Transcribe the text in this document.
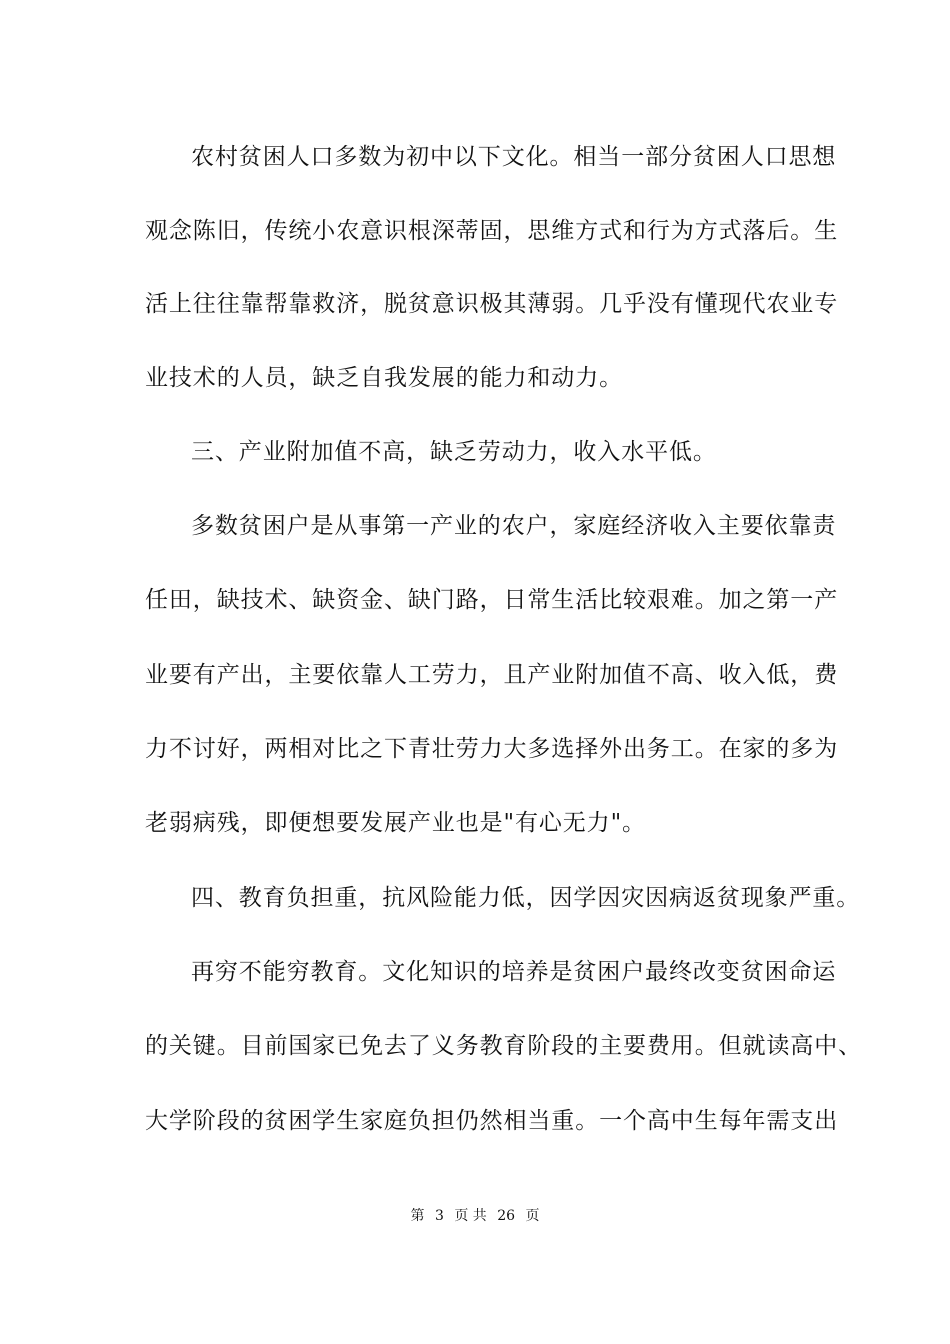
农村贫困人口多数为初中以下文化。相当一部分贫困人口思想
观念陈旧，传统小农意识根深蒂固，思维方式和行为方式落后。生
活上往往靠帮靠救济，脱贫意识极其薄弱。几乎没有懂现代农业专
业技术的人员，缺乏自我发展的能力和动力。
三、产业附加值不高，缺乏劳动力，收入水平低。
多数贫困户是从事第一产业的农户，家庭经济收入主要依靠责
任田，缺技术、缺资金、缺门路，日常生活比较艰难。加之第一产
业要有产出，主要依靠人工劳力，且产业附加值不高、收入低，费
力不讨好，两相对比之下青壮劳力大多选择外出务工。在家的多为
老弱病残，即便想要发展产业也是"有心无力"。
四、教育负担重，抗风险能力低，因学因灾因病返贫现象严重。
再穷不能穷教育。文化知识的培养是贫困户最终改变贫困命运
的关键。目前国家已免去了义务教育阶段的主要费用。但就读高中、
大学阶段的贫困学生家庭负担仍然相当重。一个高中生每年需支出
第 3 页 共 26 页
